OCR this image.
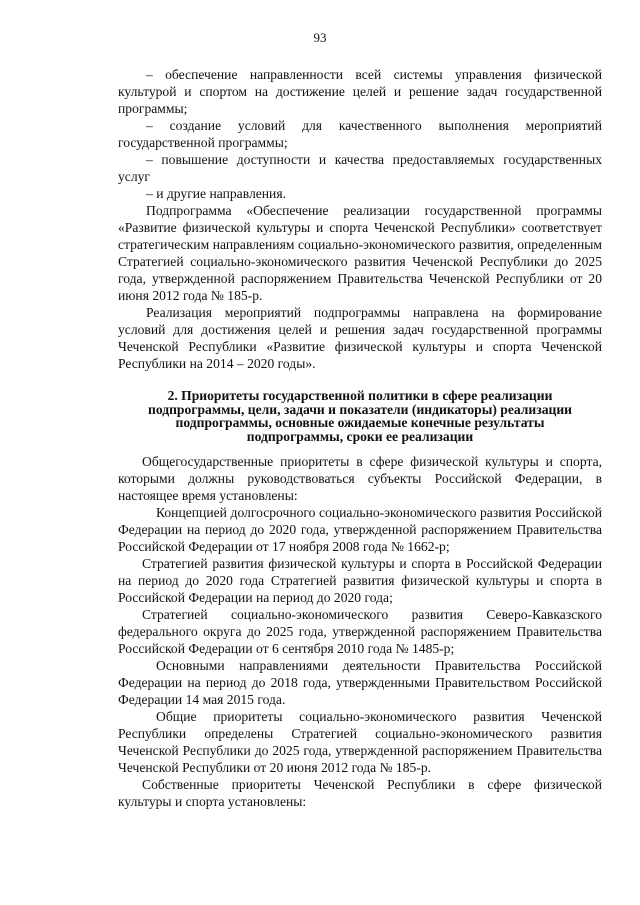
93

– обеспечение направленности всей системы управления физической культурой и спортом на достижение целей и решение задач государственной программы;

– создание условий для качественного выполнения мероприятий государственной программы;

– повышение доступности и качества предоставляемых государственных услуг

– и другие направления.

Подпрограмма «Обеспечение реализации государственной программы «Развитие физической культуры и спорта Чеченской Республики» соответствует стратегическим направлениям социально-экономического развития, определенным Стратегией социально-экономического развития Чеченской Республики до 2025 года, утвержденной распоряжением Правительства Чеченской Республики от 20 июня 2012 года № 185-р.

Реализация мероприятий подпрограммы направлена на формирование условий для достижения целей и решения задач государственной программы Чеченской Республики «Развитие физической культуры и спорта Чеченской Республики на 2014 – 2020 годы».

2. Приоритеты государственной политики в сфере реализации
подпрограммы, цели, задачи и показатели (индикаторы) реализации
подпрограммы, основные ожидаемые конечные результаты
подпрограммы, сроки ее реализации

Общегосударственные приоритеты в сфере физической культуры и спорта, которыми должны руководствоваться субъекты Российской Федерации, в настоящее время установлены:

Концепцией долгосрочного социально-экономического развития Российской Федерации на период до 2020 года, утвержденной распоряжением Правительства Российской Федерации от 17 ноября 2008 года № 1662-р;

Стратегией развития физической культуры и спорта в Российской Федерации на период до 2020 года Стратегией развития физической культуры и спорта в Российской Федерации на период до 2020 года;

Стратегией социально-экономического развития Северо-Кавказского федерального округа до 2025 года, утвержденной распоряжением Правительства Российской Федерации от 6 сентября 2010 года № 1485-р;

Основными направлениями деятельности Правительства Российской Федерации на период до 2018 года, утвержденными Правительством Российской Федерации 14 мая 2015 года.

Общие приоритеты социально-экономического развития Чеченской Республики определены Стратегией социально-экономического развития Чеченской Республики до 2025 года, утвержденной распоряжением Правительства Чеченской Республики от 20 июня 2012 года № 185-р.

Собственные приоритеты Чеченской Республики в сфере физической культуры и спорта установлены:
